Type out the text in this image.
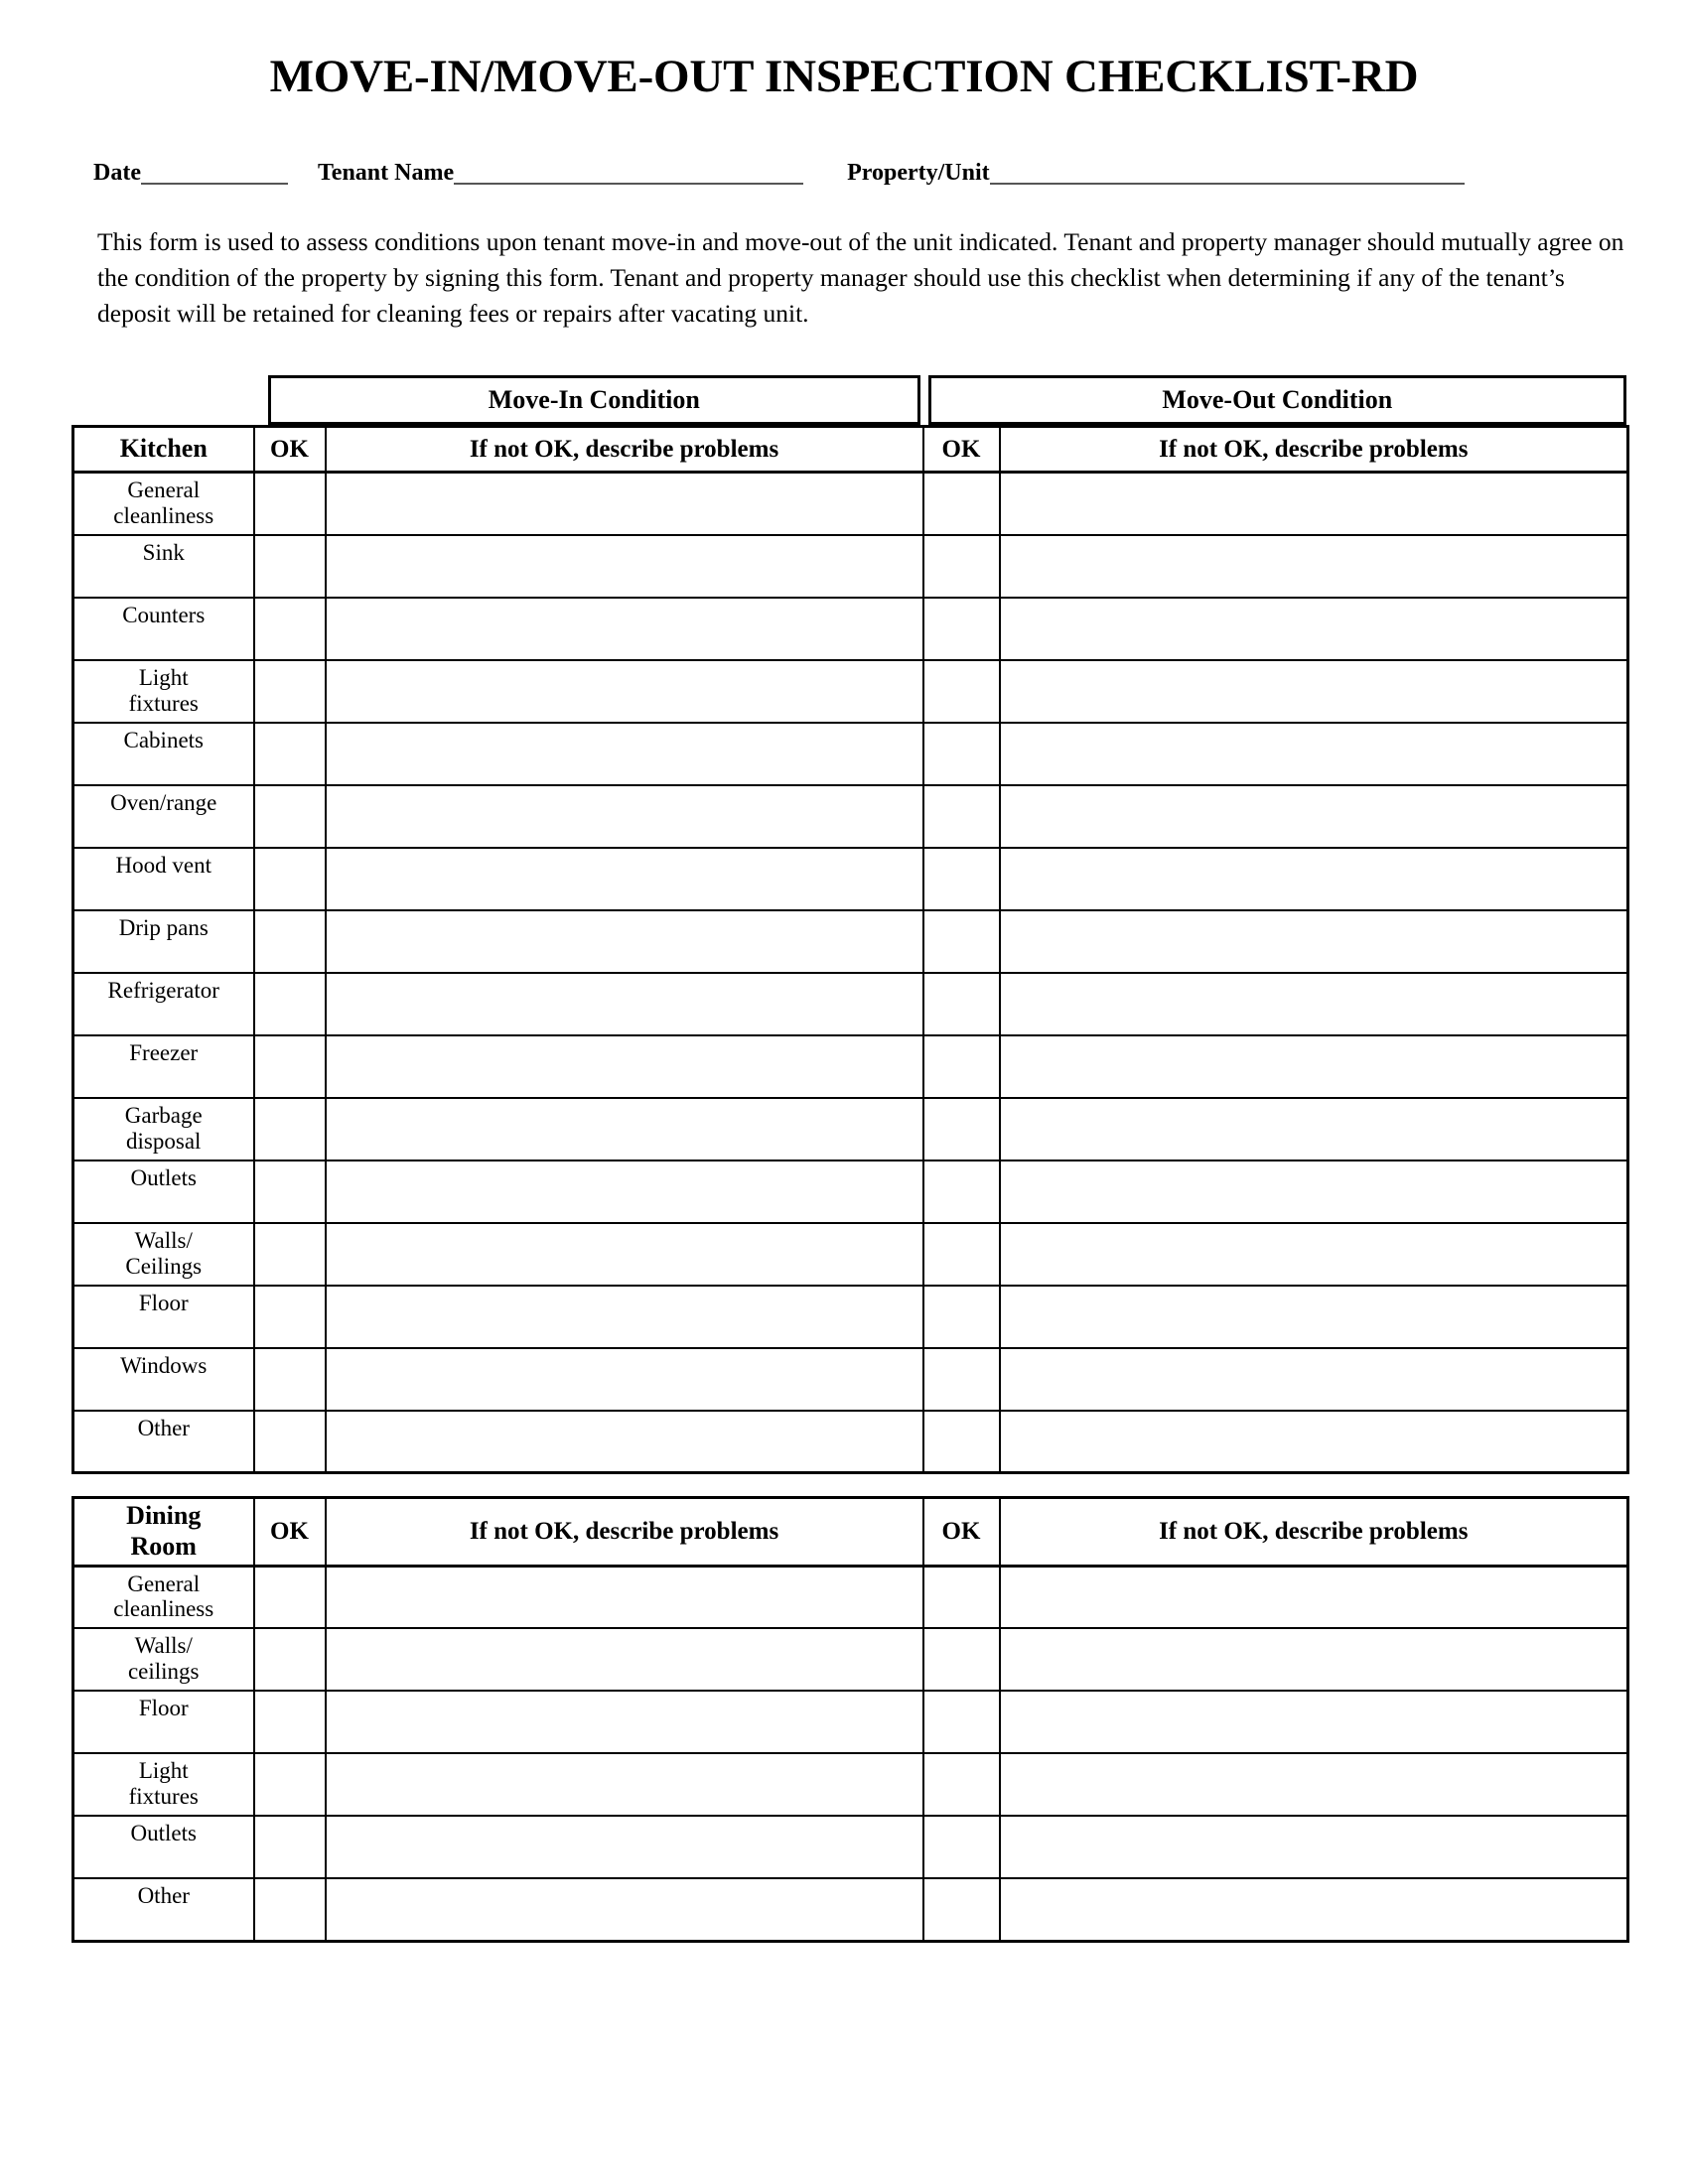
MOVE-IN/MOVE-OUT INSPECTION CHECKLIST-RD
Date	Tenant Name	Property/Unit

This form is used to assess conditions upon tenant move-in and move-out of the unit indicated. Tenant and property manager should mutually agree on the condition of the property by signing this form. Tenant and property manager should use this checklist when determining if any of the tenant’s deposit will be retained for cleaning fees or repairs after vacating unit.

Move-In Condition	Move-Out Condition
Kitchen	OK	If not OK, describe problems	OK	If not OK, describe problems

General
cleanliness				

Sink				

Counters				

Light
fixtures				

Cabinets				

Oven/range				

Hood vent				

Drip pans				

Refrigerator				

Freezer				

Garbage
disposal				

Outlets				

Walls/
Ceilings				

Floor				

Windows				

Other				

Dining
Room	OK	If not OK, describe problems	OK	If not OK, describe problems

General
cleanliness				

Walls/
ceilings				

Floor				

Light
fixtures				

Outlets				

Other				
